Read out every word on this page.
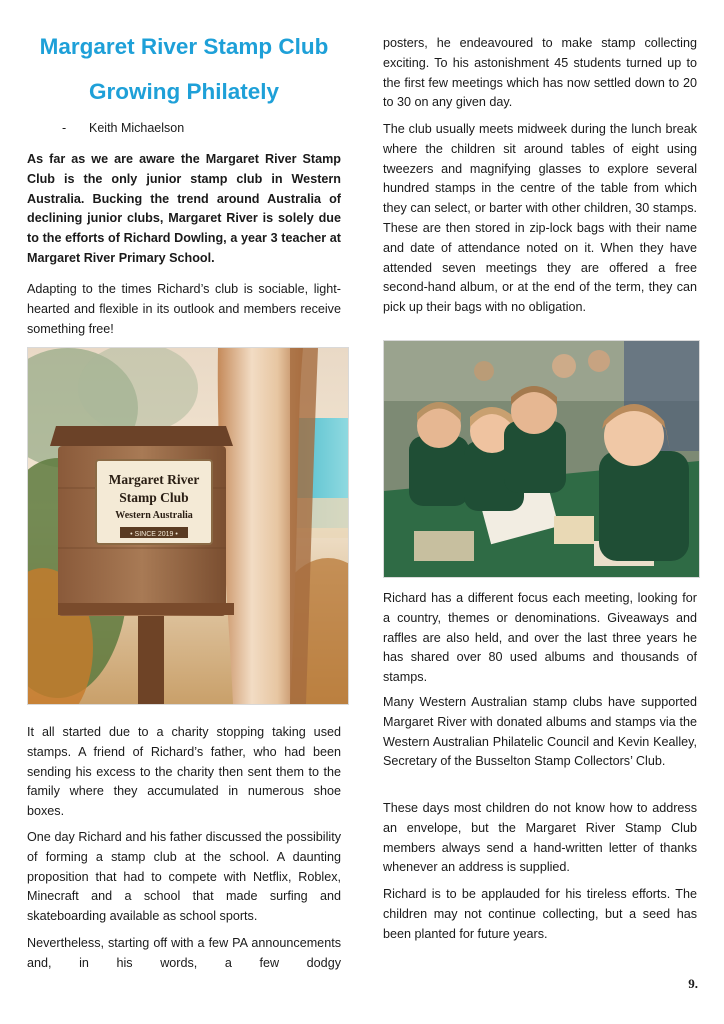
Margaret River Stamp Club
Growing Philately
- Keith Michaelson

As far as we are aware the Margaret River Stamp Club is the only junior stamp club in Western Australia. Bucking the trend around Australia of declining junior clubs, Margaret River is solely due to the efforts of Richard Dowling, a year 3 teacher at Margaret River Primary School.

Adapting to the times Richard’s club is sociable, light-hearted and flexible in its outlook and members receive something free!

Margaret River
Stamp Club
Western Australia
• SINCE 2019 •

It all started due to a charity stopping taking used stamps. A friend of Richard’s father, who had been sending his excess to the charity then sent them to the family where they accumulated in numerous shoe boxes.

One day Richard and his father discussed the possibility of forming a stamp club at the school. A daunting proposition that had to compete with Netflix, Roblex, Minecraft and a school that made surfing and skateboarding available as school sports.

Nevertheless, starting off with a few PA announcements and, in his words, a few dodgy

posters, he endeavoured to make stamp collecting exciting. To his astonishment 45 students turned up to the first few meetings which has now settled down to 20 to 30 on any given day.

The club usually meets midweek during the lunch break where the children sit around tables of eight using tweezers and magnifying glasses to explore several hundred stamps in the centre of the table from which they can select, or barter with other children, 30 stamps. These are then stored in zip-lock bags with their name and date of attendance noted on it. When they have attended seven meetings they are offered a free second-hand album, or at the end of the term, they can pick up their bags with no obligation.

Richard has a different focus each meeting, looking for a country, themes or denominations. Giveaways and raffles are also held, and over the last three years he has shared over 80 used albums and thousands of stamps.

Many Western Australian stamp clubs have supported Margaret River with donated albums and stamps via the Western Australian Philatelic Council and Kevin Kealley, Secretary of the Busselton Stamp Collectors’ Club.

These days most children do not know how to address an envelope, but the Margaret River Stamp Club members always send a hand-written letter of thanks whenever an address is supplied.

Richard is to be applauded for his tireless efforts. The children may not continue collecting, but a seed has been planted for future years.

9.
